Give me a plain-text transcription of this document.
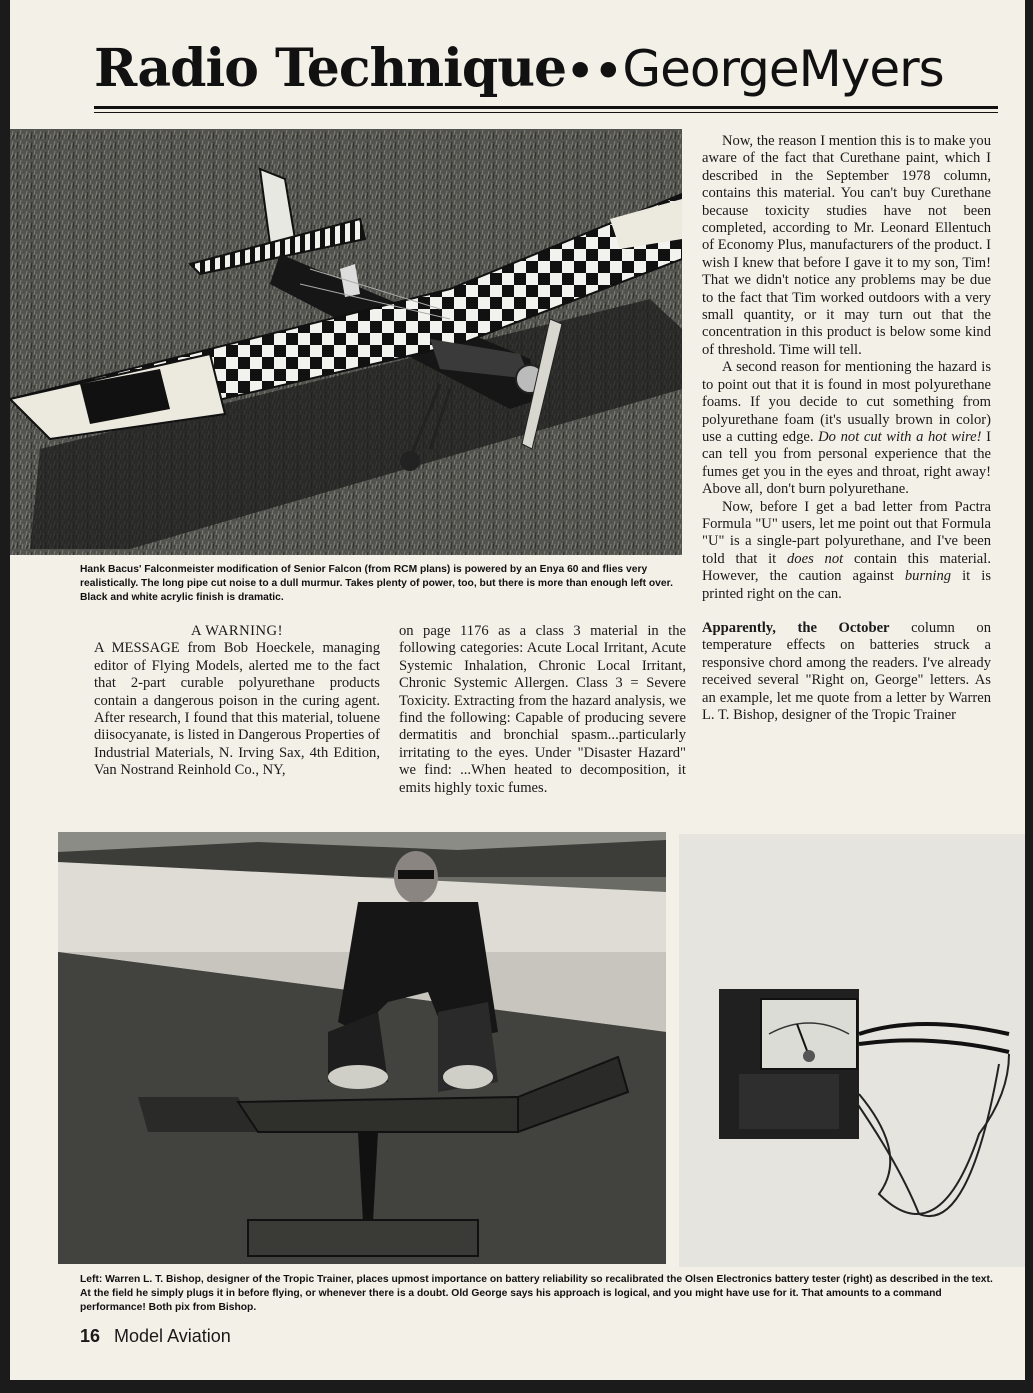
Radio Technique••GeorgeMyers
Hank Bacus' Falconmeister modification of Senior Falcon (from RCM plans) is powered by an Enya 60 and flies very realistically. The long pipe cut noise to a dull murmur. Takes plenty of power, too, but there is more than enough left over. Black and white acrylic finish is dramatic.

A WARNING!

A MESSAGE from Bob Hoeckele, managing editor of Flying Models, alerted me to the fact that 2-part curable polyurethane products contain a dangerous poison in the curing agent. After research, I found that this material, toluene diisocyanate, is listed in Dangerous Properties of Industrial Materials, N. Irving Sax, 4th Edition, Van Nostrand Reinhold Co., NY,

on page 1176 as a class 3 material in the following categories: Acute Local Irritant, Acute Systemic Inhalation, Chronic Local Irritant, Chronic Systemic Allergen. Class 3 = Severe Toxicity. Extracting from the hazard analysis, we find the following: Capable of producing severe dermatitis and bronchial spasm...particularly irritating to the eyes. Under "Disaster Hazard" we find: ...When heated to decomposition, it emits highly toxic fumes.

Now, the reason I mention this is to make you aware of the fact that Curethane paint, which I described in the September 1978 column, contains this material. You can't buy Curethane because toxicity studies have not been completed, according to Mr. Leonard Ellentuch of Economy Plus, manufacturers of the product. I wish I knew that before I gave it to my son, Tim! That we didn't notice any problems may be due to the fact that Tim worked outdoors with a very small quantity, or it may turn out that the concentration in this product is below some kind of threshold. Time will tell.

A second reason for mentioning the hazard is to point out that it is found in most polyurethane foams. If you decide to cut something from polyurethane foam (it's usually brown in color) use a cutting edge. Do not cut with a hot wire! I can tell you from personal experience that the fumes get you in the eyes and throat, right away! Above all, don't burn polyurethane.

Now, before I get a bad letter from Pactra Formula "U" users, let me point out that Formula "U" is a single-part polyurethane, and I've been told that it does not contain this material. However, the caution against burning it is printed right on the can.

Apparently, the October column on temperature effects on batteries struck a responsive chord among the readers. I've already received several "Right on, George" letters. As an example, let me quote from a letter by Warren L. T. Bishop, designer of the Tropic Trainer

Left: Warren L. T. Bishop, designer of the Tropic Trainer, places upmost importance on battery reliability so recalibrated the Olsen Electronics battery tester (right) as described in the text. At the field he simply plugs it in before flying, or whenever there is a doubt. Old George says his approach is logical, and you might have use for it. That amounts to a command performance! Both pix from Bishop.
16 Model Aviation
